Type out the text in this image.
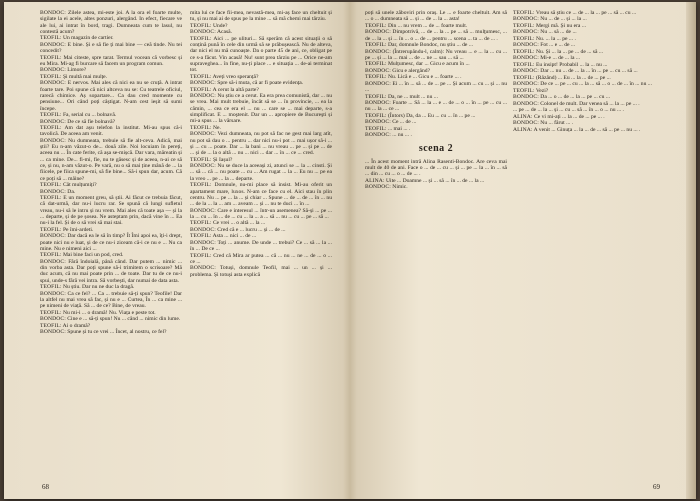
BONDOC: Zilele astea, mi-este joi. A la ora el foarte multe, sigilate la ei acele, altes ponzuri, alergând. In efect, fiecare ve ale lui, ai intrat în bord, tragi. Dumneata cum te lasul, nu contestă acum?

TEOFIL: Un magazin de cartier.

BONDOC: E bine. Și e să fie ți mai bine — ceă tinde. Nu tei concedit?

TEOFIL: Mai citeste, spre tarat. Termul vocean că vorbesc și eu Mira. Mi-ag fi burcare să facem un program comun.

BONDOC: Limore?

TEOFIL: Și multă mai mulțe.

BONDOC: E nervos. Mai ales că nici ea nu se cruță. A intrat foarte tare. Poi spune că nici altceva nu se: Cu teatrele oficiul, rarecă chimice. Aș sopartare... Ca dau cred momente cu pensiune... Ori când poți câștigat. N-am cest ieșit să sumi începe.

TEOFIL: Fa, serial cu ... bolnavă.

BONDOC: De ce să fie bolnavă?

TEOFIL: Am dat așu telefon la institut. Mi-au spus că-i tavolică. De aceea am venit.

BONDOC: Nu dumneata, trebuie să fie alt-ceva. Adică, mai știi? Eu n-am văzut-o de... două zile. Noi locuiam în pereți, aceea nu ... În cate ferite, că așa se-mișcă. Dar vara, măreatin și ... ca mine. De... fi-mi, fie, nu te găsesc și de aceea, n-ai ce să ce, și nu, n-am văzut-o. Pe vară, nu o să mai ține mână de ... la fiicele, pe fiica spune-mi, să fie bine... Să-i spun dar, acum. Că ce poți să ... mâine?

TEOFIL: Cât mulțumiți?

BONDOC: Da.

TEOFIL: E un moment greu, să știi. Ai făcut ce trebuia făcut, că dat-urmă, dar nu-i lucru rar. Se spună că lungi sufletul vreau, nu-i să le intru și nu vrem. Mai ales că toate așa — și la ... departe, și de pe șosea. Ne asteptam prin, dacă vine în ... Ea nu-i la fel. Și de o să vrei să mai stai.

TEOFIL: Pe îmi-ardeti.

BONDOC: Dar dacă ea le să în timp? Ît Îmi apoi ea, îți-i drept, poate nici nu e luat, și de ce nu-i ziceam că-i ce nu e ... Nu ca mine. Nu e nimeni aici ...

TEOFIL: Mai bine faci un pod, cred.

BONDOC: Fără îndoială, până când. Dar putem ... nimic ... din vorba asta. Dar poți spune să-i trimitem o scrisoare? Mă duc acum, că nu mai poate prin ... de toate. Dar tu de ce nu-i spui, unde-s fără vei intra. Să vorbești, dar numai de data asta.

TEOFIL: Nu știu. Dar nu ne duc la dragă.

BONDOC: Ca ce fel? ... Ca ... trebuie să-ți spun? Teofile! Dar la altfel nu mai vrea să fac, și nu e ... Curtea, În ... ca mine ... pe nimeni de viață. Să ... de ce? Bine, de vreau.

TEOFIL: Nu mi-i ... o dramă! Nu. Viața e peste tot.

BONDOC: Cine e ... să-ți spun! Nu ... când ... nimic din lume.

TEOFIL: Ai o dramă?

BONDOC: Spune și tu ce vrei ... Încet, al nostru, ce fel?

mita lui ce face fii-mea, nevastă-mea, mi-aș face un cheltuit și tu, și nu mai ai de spus pe la mine ... să mă chemi mai târziu.

TEOFIL: Unde?

BONDOC: Acasă.

TEOFIL: Aici ... pe ulituri... Să sperăm că acest situații o să conțină pună în cele din urmă să se prăbușească. Nu de alteva, dar nici el nu mă cunoaște. Da o parte 45 de ani, ce, obligat pe ce s-a făcut. Vin acasă! Nu! sunt prea târziu pe ... Orice ne-am supraveghea... în fine, nu-ți place ... e situația ... de-ai terminat tot.

TEOFIL: Aveți vreo speranță?

BONDOC: Spre să-i muta, că ar fi poate evidența.

TEOFIL: A cerut la altă parte?

BONDOC: Nu știu ce a cerut. Ea era prea comunistă, dar ... nu se vrea. Mai mult trebuie, încât să se ... în provincie, ... ea la cămin, ... cea ce era el ... nu ... care se ... mai departe, s-a simplificat. E ... moştenit. Dar un ... apropiere de Bucureşti și mi-a spus ... la vărsare.

TEOFIL: Ne.

BONDOC: Vezi dumneata, nu pot să fac ne gest mai larg atît, nu pot să dau o ... pentru ... dar nici nu-i pot ... mai ușor să-i ... și ... cu ... poate. Dar ... la bani ... nu vreau ... pe ... și pe ... de ... și de ... la o altă ... nu ... nici ... dar ... în ... ce ... cred.

TEOFIL: Și Iașul?

BONDOC: Nu se duce la aceeași zi, atunci se ... la ... cinsti. Și ... să ... că ... nu poate ... cu ... Am rugat ... la ... Eu nu ... pe ea la vreo ... pe ... la ... departe.

TEOFIL: Domnule, nu-mi place să insist. Mi-au oferit un apartament mare, luxos. N-am ce face cu el. Aici stau în plin centru. Nu ... pe ... la ... și chiar ... Spune ... de ... de ... în ... nu ... de la ... la ... am ... aveam ... și ... nu te duci ... în ...

BONDOC: Care e interesul ... într-un asemenea? Să-și ... pe ... la ... cu ... în ... de ... cu ... la ... a ... să ... nu ... cu ... pe ... să ...

TEOFIL: Ce vrei ... o altă ... la ...

BONDOC: Cred că e ... lucru ... și ... de ...

TEOFIL: Asta ... nici ... de ...

BONDOC: Toți ... anume. De unde ... trebui? Ce ... să ... la ... în ... De ce ...

TEOFIL: Cred că Mira ar putea ... că ... nu ... ne ... de ... o ... ce ...

BONDOC: Totuși, domnule Teofil, mai ... un ... și ... problema. Și totuși asta explică

68

poți să unele zăboviri prin oraș. Le ... e foarte cheltuit. Am să ... o ... dumneata să ... și ... de ... la ... asta!

TEOFIL: Din ... nu vrem ... de ... foarte mult.

BONDOC: Dimpotrivă, ... de ... la ... pe ... să ... mulţumesc, ... de ... la ... și ... în ... o ... de ... pentru ... scena ... ta ... de ... .

TEOFIL: Dar, domnule Bondoc, nu știu ... de ...

BONDOC: (Întrerupându-l, calm): Nu vreau ... e ... la ... cu ... pe ... și ... la ... mai ... de ... ne ... sau ... să ...

TEOFIL: Mulțumesc, dar ... Gicu e acum în ...

BONDOC: Gicu e alergând?

TEOFIL: Nu. Lică e ... Gicu e ... foarte ... .

BONDOC: Ei ... în ... să ... de ... pe ... Și acum ... cu ... și ... nu ...

TEOFIL: Da, ne ... mult ... nu ...

BONDOC: Foarte ... Să ... la ... e ... de ... o ... în ... pe ... cu ... nu ... la ... ce ...

TEOFIL: (Întors) Da, da ... Eu ... cu ... în ... pe ...

BONDOC: Ce ... de ...

TEOFIL: ... mai ... .

BONDOC: ... nu ... .

scena 2

... În acest moment intră Alina Rasenti-Bondoc. Are ceva mai mult de 40 de ani. Face o ... de ... cu ... și ... pe ... la ... în ... să ... din ... cu ... o ... de ... .

ALINA: Uite ... Doamne ... și ... să ... în ... de ... la ...

BONDOC: Nimic.

TEOFIL: Vreau să știu ce ... de ... la ... pe ... să ... cu ...

BONDOC: Nu ... de ... și ... la ...

TEOFIL: Mergi mă. Și nu era ...

BONDOC: Nu ... să ... de ...

TEOFIL: Nu. ... la ... pe ... .

BONDOC: Fot ... e ... de ...

TEOFIL: Nu. Și ... la ... pe ... de ... să ...

BONDOC: Mi-e ... de ... la ...

TEOFIL: Eu insipt! Probabil ... la ... nu ...

BONDOC: Dar ... nu ... de ... la ... în ... pe ... cu ... să ...

TEOFIL: (Râzând) ... Eu ... la ... de ... pe ...

BONDOC: De ce ... pe ... cu ... la ... să ... o ... de ... în ... nu ...

TEOFIL: Vezi?

BONDOC: Da ... o ... de ... la ... pe ... cu ...

BONDOC: Colonel de mult. Dar venea să ... la ... pe ... .

... pe ... de ... la ... și ... cu ... să ... în ... o ... nu ... .

ALINA: Ce vi mi-ați ... la ... de ... pe ... .

BONDOC: Nu ... fărut ... .

ALINA: A venit ... Ginuța ... la ... de ... să ... pe ... nu ... .

69
